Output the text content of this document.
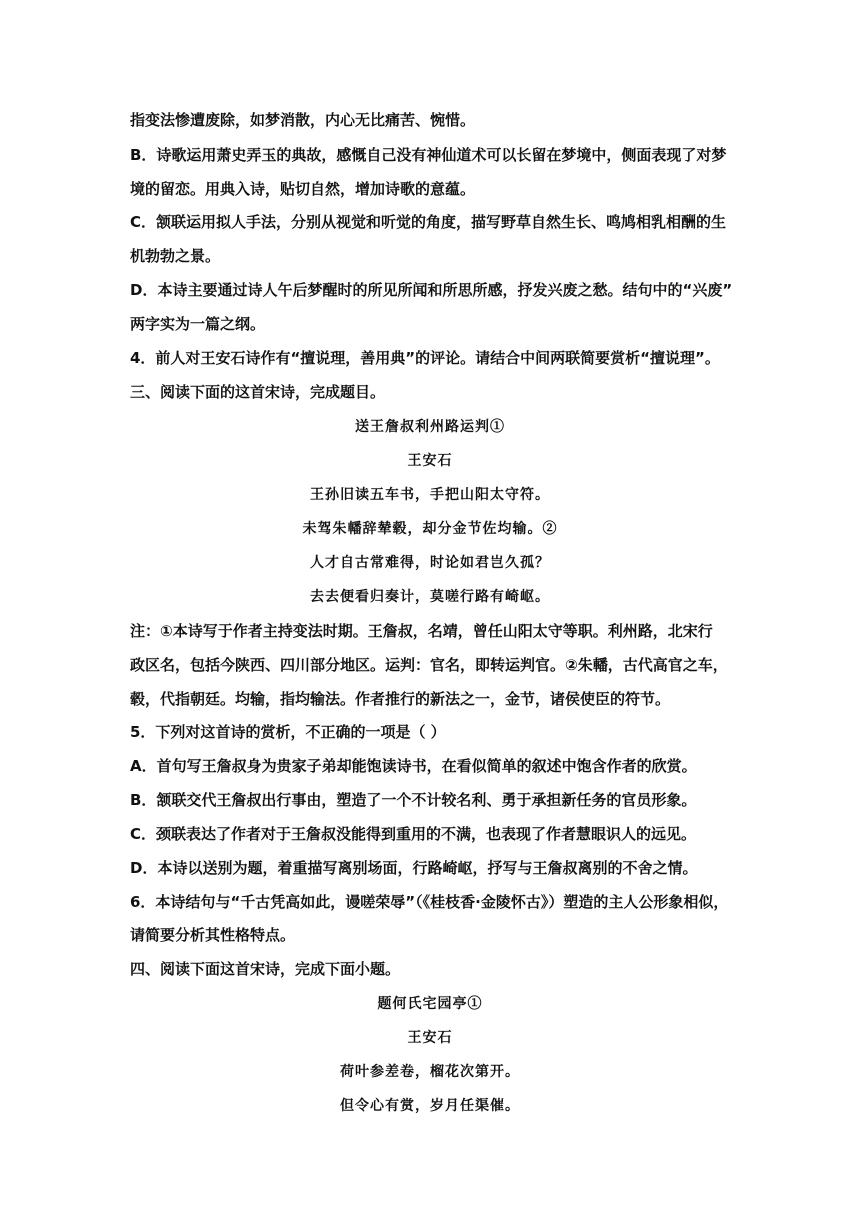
指变法惨遭废除，如梦消散，内心无比痛苦、惋惜。
B．诗歌运用萧史弄玉的典故，感慨自己没有神仙道术可以长留在梦境中，侧面表现了对梦
境的留恋。用典入诗，贴切自然，增加诗歌的意蕴。
C．颔联运用拟人手法，分别从视觉和听觉的角度，描写野草自然生长、鸣鸠相乳相酬的生
机勃勃之景。
D．本诗主要通过诗人午后梦醒时的所见所闻和所思所感，抒发兴废之愁。结句中的“兴废”
两字实为一篇之纲。
4．前人对王安石诗作有“擅说理，善用典”的评论。请结合中间两联简要赏析“擅说理”。
三、阅读下面的这首宋诗，完成题目。
送王詹叔利州路运判①
王安石
王孙旧读五车书，手把山阳太守符。
未驾朱轓辞辇毂，却分金节佐均输。②
人才自古常难得，时论如君岂久孤？
去去便看归奏计，莫嗟行路有崎岖。
注：①本诗写于作者主持变法时期。王詹叔，名靖，曾任山阳太守等职。利州路，北宋行
政区名，包括今陕西、四川部分地区。运判：官名，即转运判官。②朱轓，古代高官之车，
毂，代指朝廷。均输，指均输法。作者推行的新法之一，金节，诸侯使臣的符节。
5．下列对这首诗的赏析，不正确的一项是（ ）
A．首句写王詹叔身为贵家子弟却能饱读诗书，在看似简单的叙述中饱含作者的欣赏。
B．颔联交代王詹叔出行事由，塑造了一个不计较名利、勇于承担新任务的官员形象。
C．颈联表达了作者对于王詹叔没能得到重用的不满，也表现了作者慧眼识人的远见。
D．本诗以送别为题，着重描写离别场面，行路崎岖，抒写与王詹叔离别的不舍之情。
6．本诗结句与“千古凭高如此，谩嗟荣辱”（《桂枝香·金陵怀古》）塑造的主人公形象相似，
请简要分析其性格特点。
四、阅读下面这首宋诗，完成下面小题。
题何氏宅园亭①
王安石
荷叶参差卷，榴花次第开。
但令心有赏，岁月任渠催。
